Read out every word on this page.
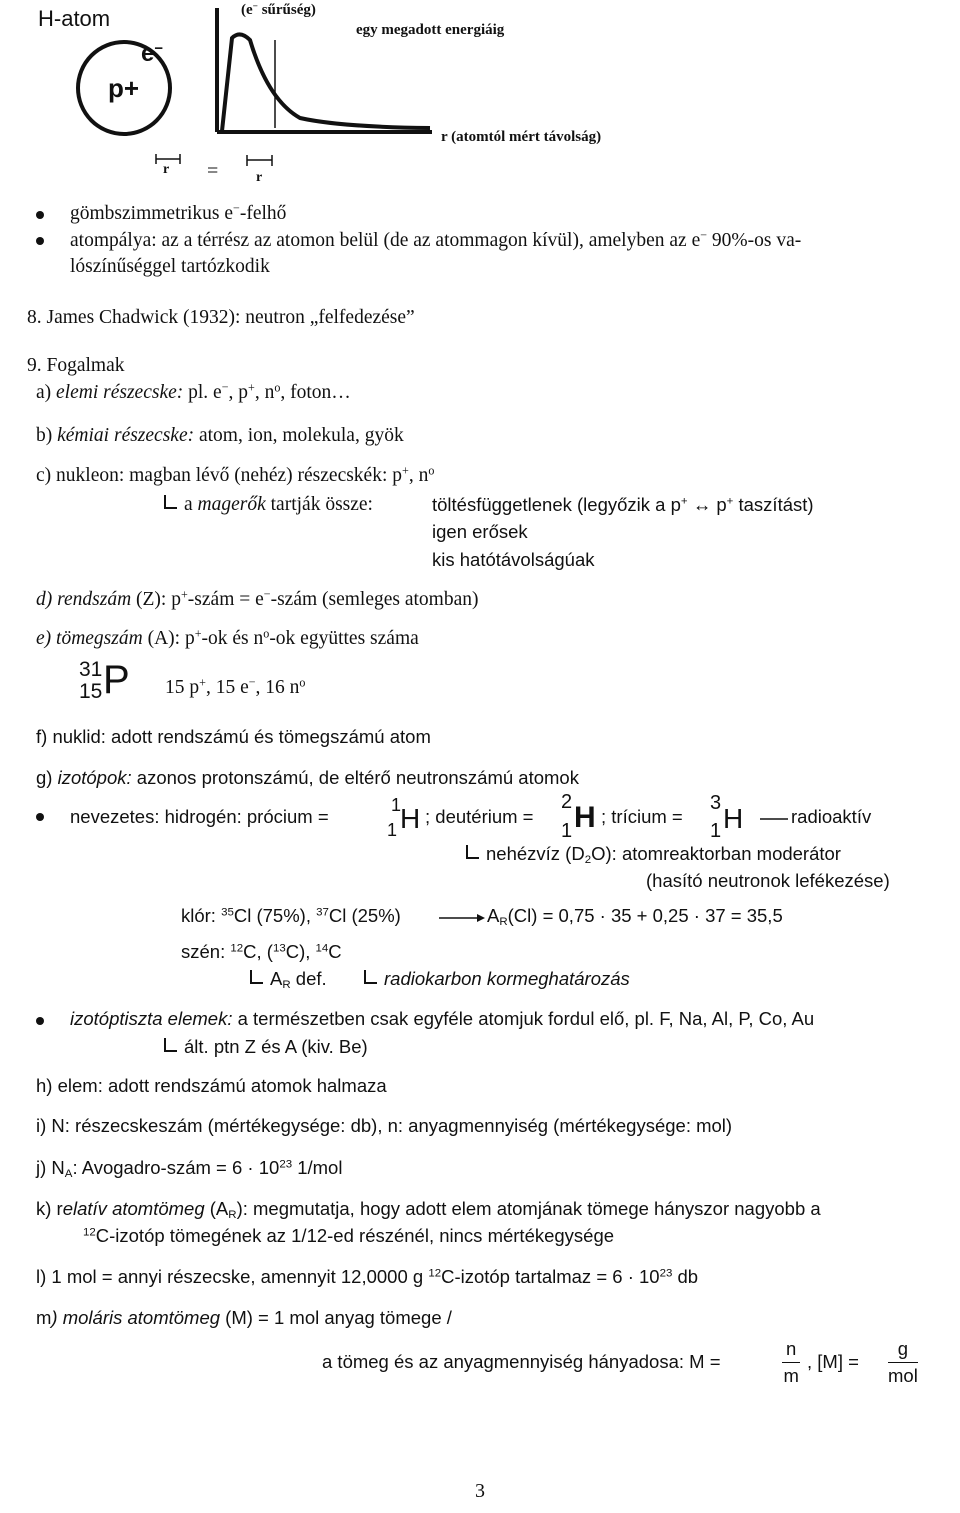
H-atom
e−
p+
(e− sűrűség)
egy megadott energiáig
r (atomtól mért távolság)
r =	r
gömbszimmetrikus e−-felhő
atompálya: az a térrész az atomon belül (de az atommagon kívül), amelyben az e− 90%-os va-
lószínűséggel tartózkodik
8. James Chadwick (1932): neutron „felfedezése”
9. Fogalmak
a) elemi részecske: pl. e−, p+, $n^o$, foton…
b) kémiai részecske: atom, ion, molekula, gyök
c) nukleon: magban lévő (nehéz) részecskék: p+, $n^o$
a magerők tartják össze:	töltésfüggetlenek (legyőzik a p+ ↔ p+ taszítást)
igen erősek
kis hatótávolságúak
d) rendszám (Z): p+-szám = e−-szám (semleges atomban)
e) tömegszám (A): p+-ok és $n^o-ok$ együttes száma
31
15 P 15 p+, 15 e−, 16 $n^o$
f) nuklid: adott rendszámú és tömegszámú atom
g) izotópok: azonos protonszámú, de eltérő neutronszámú atomok
nevezetes: hidrogén: prócium =
1
1 H ; deutérium =
2
1 H ; trícium =
3
1 H	radioaktív
nehézvíz $(D_2O)$: atomreaktorban moderátor
(hasító neutronok lefékezése)
klór: $^{35}$Cl (75%), $^{37}$Cl (25%)	$A_R(Cl) = 0,75 \cdot 35 + 0,25 \cdot 37 = 35,5$
szén: $^{12}$C, ($^{13}$C), $^{14}$C
$A_R$ def.	radiokarbon kormeghatározás
izotóptiszta elemek: a természetben csak egyféle atomjuk fordul elő, pl. F, Na, Al, P, Co, Au
ált. ptn Z és A (kiv. Be)
h) elem: adott rendszámú atomok halmaza
i) N: részecskeszám (mértékegysége: db), n: anyagmennyiség (mértékegysége: mol)
j) $N_A$: Avogadro-szám = $6 \cdot 10^{23}$ 1/mol
k) relatív atomtömeg $(A_R)$: megmutatja, hogy adott elem atomjának tömege hányszor nagyobb a
$^{12}$C-izotóp tömegének az 1/12-ed részénél, nincs mértékegysége
l) 1 mol = annyi részecske, amennyit 12,0000 g $^{12}$C-izotóp tartalmaz = $6 \cdot 10^{23}$ db
m) moláris atomtömeg (M) = 1 mol anyag tömege /
a tömeg és az anyagmennyiség hányadosa: M =	$\frac{n}{m}$ , [M] =
g
mol
3
